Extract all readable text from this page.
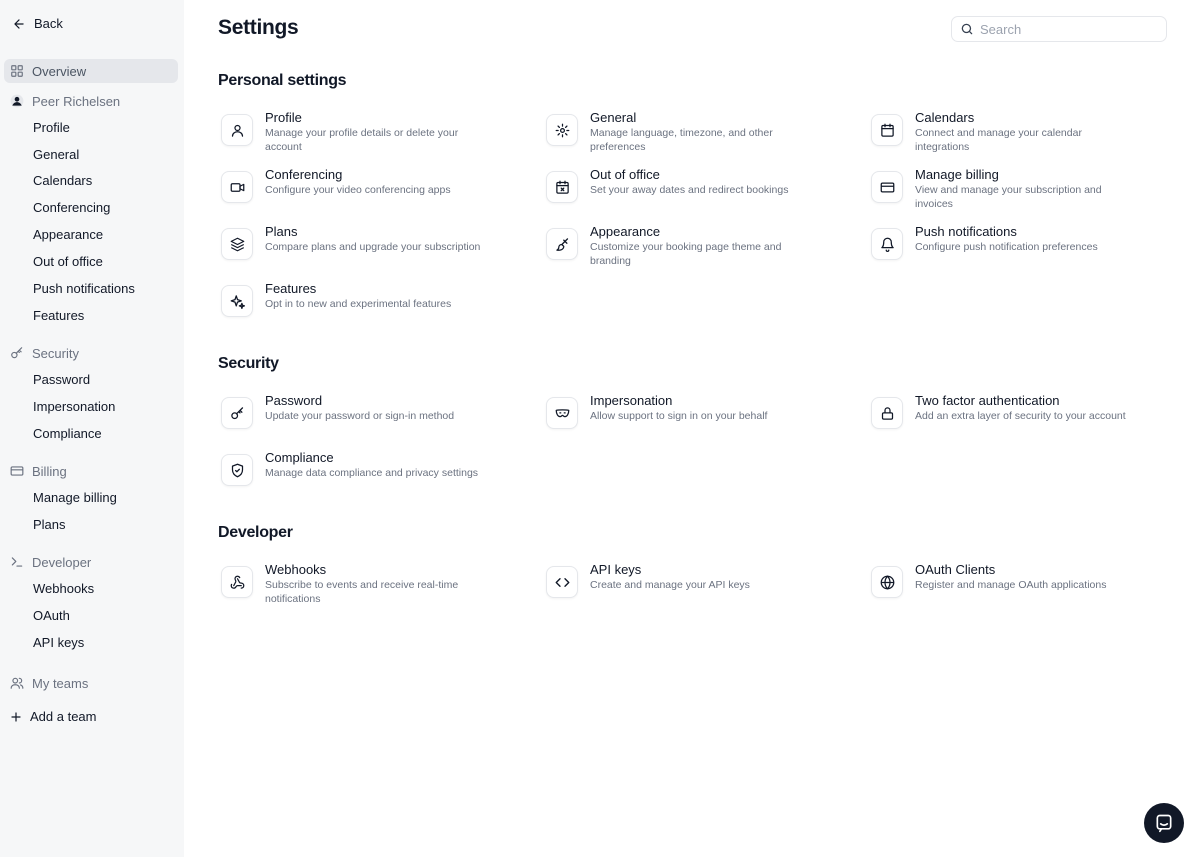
Back
Overview
Peer Richelsen
Profile
General
Calendars
Conferencing
Appearance
Out of office
Push notifications
Features
Security
Password
Impersonation
Compliance
Billing
Manage billing
Plans
Developer
Webhooks
OAuth
API keys
My teams
Add a team
Settings
Search
Personal settings
Profile
Manage your profile details or delete your account
General
Manage language, timezone, and other preferences
Calendars
Connect and manage your calendar integrations
Conferencing
Configure your video conferencing apps
Out of office
Set your away dates and redirect bookings
Manage billing
View and manage your subscription and invoices
Plans
Compare plans and upgrade your subscription
Appearance
Customize your booking page theme and branding
Push notifications
Configure push notification preferences
Features
Opt in to new and experimental features
Security
Password
Update your password or sign-in method
Impersonation
Allow support to sign in on your behalf
Two factor authentication
Add an extra layer of security to your account
Compliance
Manage data compliance and privacy settings
Developer
Webhooks
Subscribe to events and receive real-time notifications
API keys
Create and manage your API keys
OAuth Clients
Register and manage OAuth applications
